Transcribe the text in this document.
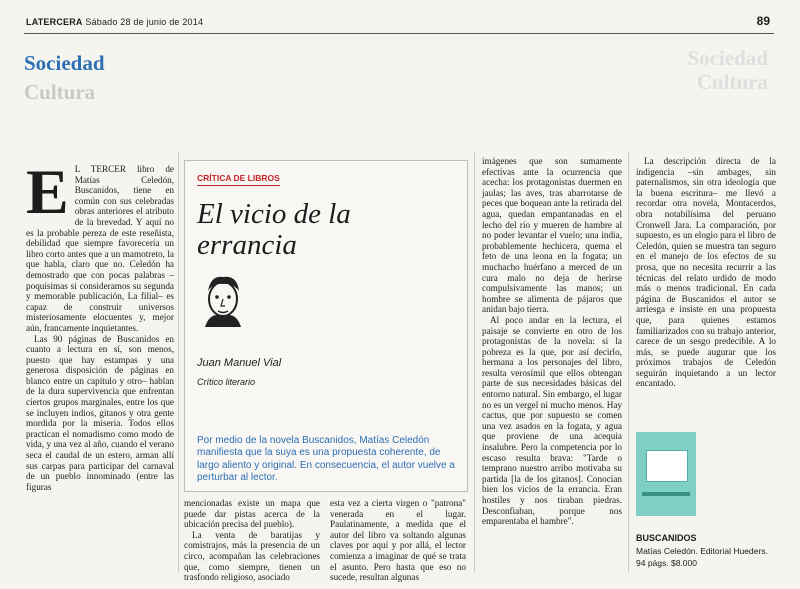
LATERCERA Sábado 28 de junio de 2014	89
Sociedad
Cultura
Sociedad
Cultura

E L TERCER libro de Matías Celedón, Buscanidos, tiene en común con sus celebradas obras anteriores el atributo de la brevedad. Y aquí no es la probable pereza de este reseñista, debilidad que siempre favorecería un libro corto antes que a un mamotreto, la que habla, claro que no. Celedón ha demostrado que con pocas palabras –poquísimas si consideramos su segunda y memorable publicación, La filial– es capaz de construir universos misteriosamente elocuentes y, mejor aún, francamente inquietantes.

Las 90 páginas de Buscanidos en cuanto a lectura en sí, son menos, puesto que hay estampas y una generosa disposición de páginas en blanco entre un capítulo y otro– hablan de la dura supervivencia que enfrentan ciertos grupos marginales, entre los que se incluyen indios, gitanos y otra gente mordida por la miseria. Todos ellos practican el nomadismo como modo de vida, y una vez al año, cuando el verano seca el caudal de un estero, arman allí sus carpas para participar del carnaval de un pueblo innominado (entre las figuras

CRÍTICA DE LIBROS
El vicio de la errancia
Juan Manuel Vial
Crítico literario
Por medio de la novela Buscanidos, Matías Celedón manifiesta que la suya es una propuesta coherente, de largo aliento y original. En consecuencia, el autor vuelve a perturbar al lector.

mencionadas existe un mapa que puede dar pistas acerca de la ubicación precisa del pueblo).

La venta de baratijas y comistrajos, más la presencia de un circo, acompañan las celebraciones que, como siempre, tienen un trasfondo religioso, asociado

esta vez a cierta virgen o "patrona" venerada en el lugar. Paulatinamente, a medida que el autor del libro va soltando algunas claves por aquí y por allá, el lector comienza a imaginar de qué se trata el asunto. Pero hasta que eso no sucede, resultan algunas

imágenes que son sumamente efectivas ante la ocurrencia que acecha: los protagonistas duermen en jaulas; las aves, tras abarrotarse de peces que boquean ante la retirada del agua, quedan empantanadas en el lecho del río y mueren de hambre al no poder levantar el vuelo; una india, probablemente hechicera, quema el feto de una leona en la fogata; un muchacho huérfano a merced de un cura malo no deja de herirse compulsivamente las manos; un hombre se alimenta de pájaros que anidan bajo tierra.

Al poco andar en la lectura, el paisaje se convierte en otro de los protagonistas de la novela: si la pobreza es la que, por así decirlo, hermana a los personajes del libro, resulta verosímil que ellos obtengan parte de sus necesidades básicas del entorno natural. Sin embargo, el lugar no es un vergel ni mucho menos. Hay cactus, que por supuesto se comen una vez asados en la fogata, y agua que proviene de una acequia insalubre. Pero la competencia por lo escaso resulta brava: "Tarde o temprano nuestro arribo motivaba su partida [la de los gitanos]. Conocían bien los vicios de la errancia. Eran hostiles y nos tiraban piedras. Desconfiaban, porque nos emparentaba el hambre".

La descripción directa de la indigencia –sin ambages, sin paternalismos, sin otra ideología que la buena escritura– me llevó a recordar otra novela, Montacerdos, obra notabilísima del peruano Cronwell Jara. La comparación, por supuesto, es un elogio para el libro de Celedón, quien se muestra tan seguro en el manejo de los efectos de su prosa, que no necesita recurrir a las técnicas del relato urdido de modo más o menos tradicional. En cada página de Buscanidos el autor se arriesga e insiste en una propuesta que, para quienes estamos familiarizados con su trabajo anterior, carece de un sesgo predecible. A lo más, se puede augurar que los próximos trabajos de Celedón seguirán inquietando a un lector encantado.

BUSCANIDOS
Matías Celedón. Editorial Hueders.
94 págs. $8.000
